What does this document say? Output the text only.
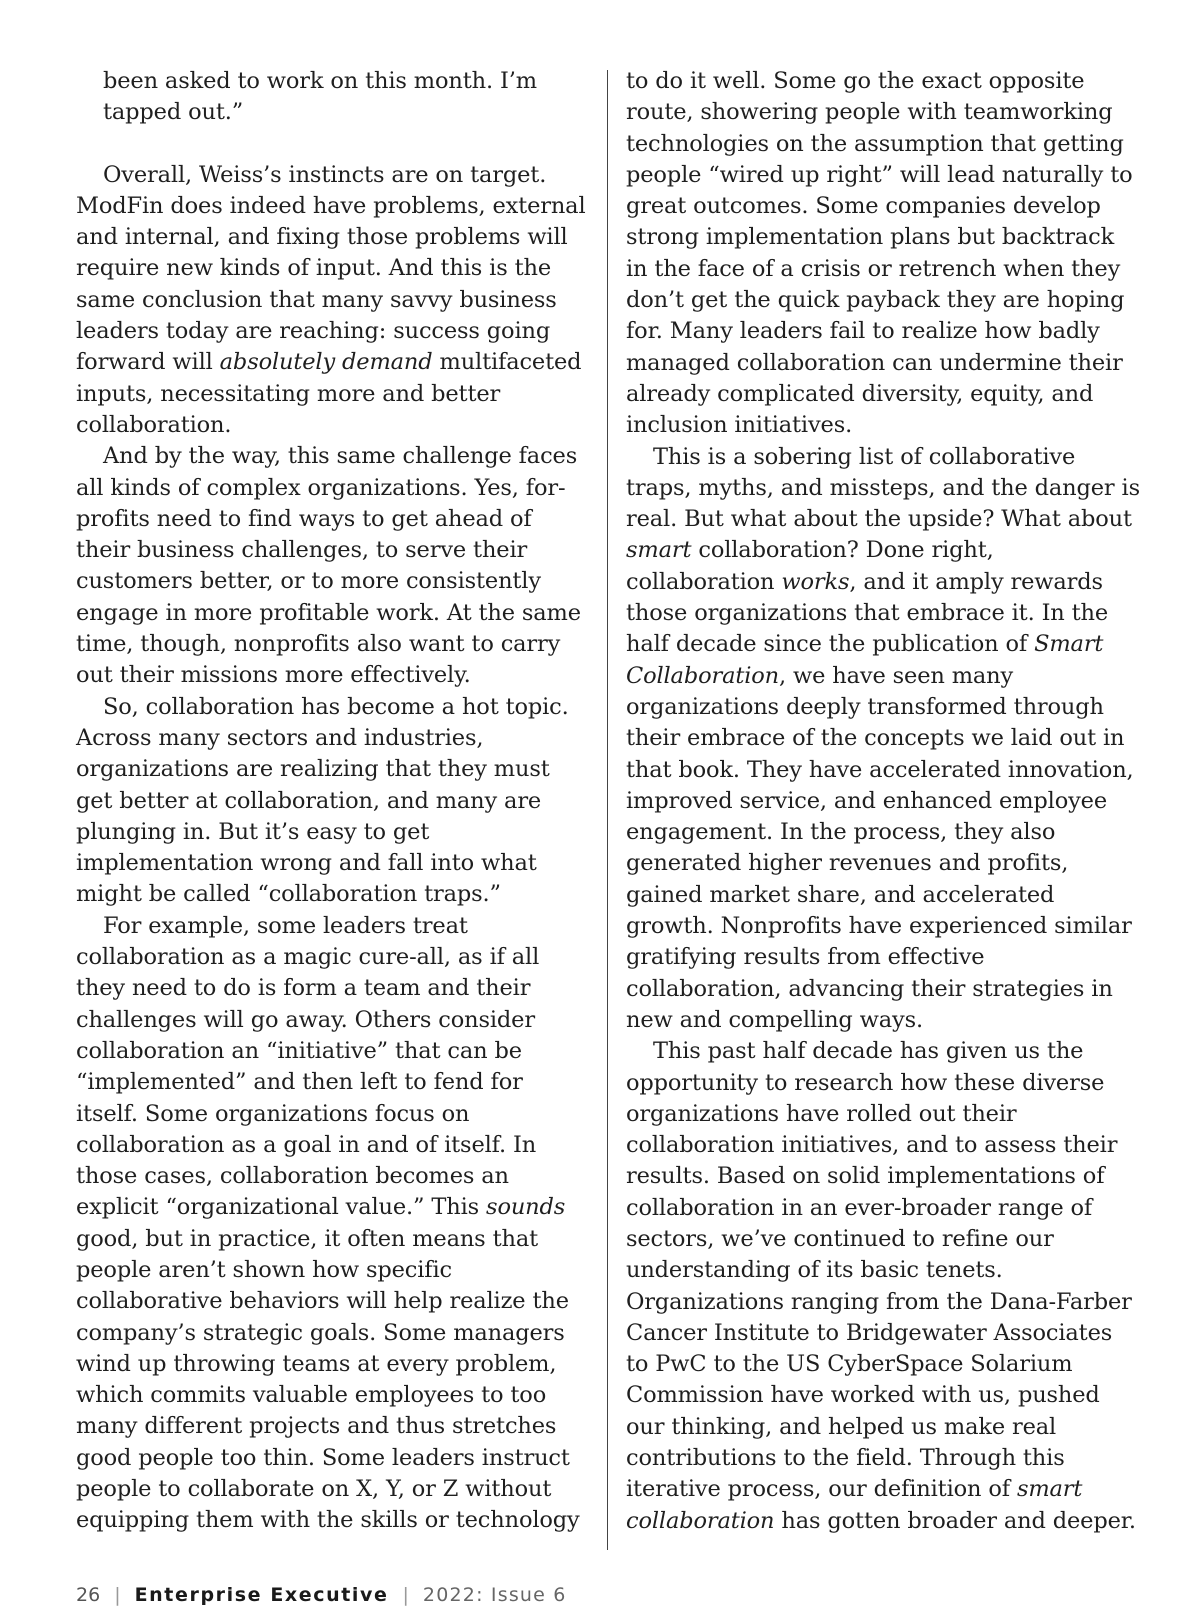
been asked to work on this month. I’m tapped out.”

Overall, Weiss’s instincts are on target. ModFin does indeed have problems, external and internal, and fixing those problems will require new kinds of input. And this is the same conclusion that many savvy business leaders today are reaching: success going forward will absolutely demand multifaceted inputs, necessitating more and better collaboration.

And by the way, this same challenge faces all kinds of complex organizations. Yes, for-profits need to find ways to get ahead of their business challenges, to serve their customers better, or to more consistently engage in more profitable work. At the same time, though, nonprofits also want to carry out their missions more effectively.

So, collaboration has become a hot topic. Across many sectors and industries, organizations are realizing that they must get better at collaboration, and many are plunging in. But it’s easy to get implementation wrong and fall into what might be called “collaboration traps.”

For example, some leaders treat collaboration as a magic cure-all, as if all they need to do is form a team and their challenges will go away. Others consider collaboration an “initiative” that can be “implemented” and then left to fend for itself. Some organizations focus on collaboration as a goal in and of itself. In those cases, collaboration becomes an explicit “organizational value.” This sounds good, but in practice, it often means that people aren’t shown how specific collaborative behaviors will help realize the company’s strategic goals. Some managers wind up throwing teams at every problem, which commits valuable employees to too many different projects and thus stretches good people too thin. Some leaders instruct people to collaborate on X, Y, or Z without equipping them with the skills or technology

to do it well. Some go the exact opposite route, showering people with teamworking technologies on the assumption that getting people “wired up right” will lead naturally to great outcomes. Some companies develop strong implementation plans but backtrack in the face of a crisis or retrench when they don’t get the quick payback they are hoping for. Many leaders fail to realize how badly managed collaboration can undermine their already complicated diversity, equity, and inclusion initiatives.

This is a sobering list of collaborative traps, myths, and missteps, and the danger is real. But what about the upside? What about smart collaboration? Done right, collaboration works, and it amply rewards those organizations that embrace it. In the half decade since the publication of Smart Collaboration, we have seen many organizations deeply transformed through their embrace of the concepts we laid out in that book. They have accelerated innovation, improved service, and enhanced employee engagement. In the process, they also generated higher revenues and profits, gained market share, and accelerated growth. Nonprofits have experienced similar gratifying results from effective collaboration, advancing their strategies in new and compelling ways.

This past half decade has given us the opportunity to research how these diverse organizations have rolled out their collaboration initiatives, and to assess their results. Based on solid implementations of collaboration in an ever-broader range of sectors, we’ve continued to refine our understanding of its basic tenets. Organizations ranging from the Dana-Farber Cancer Institute to Bridgewater Associates to PwC to the US CyberSpace Solarium Commission have worked with us, pushed our thinking, and helped us make real contributions to the field. Through this iterative process, our definition of smart collaboration has gotten broader and deeper.

26 | Enterprise Executive | 2022: Issue 6
